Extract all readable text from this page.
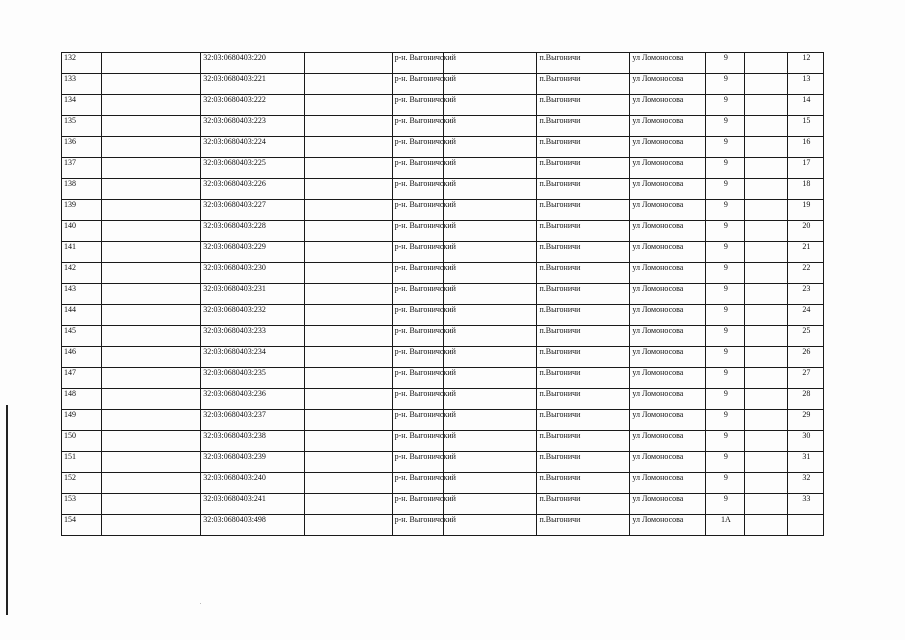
132		32:03:0680403:220		р-н. Выгоничский		п.Выгоничи	ул Ломоносова	9		12
133		32:03:0680403:221		р-н. Выгоничский		п.Выгоничи	ул Ломоносова	9		13
134		32:03:0680403:222		р-н. Выгоничский		п.Выгоничи	ул Ломоносова	9		14
135		32:03:0680403:223		р-н. Выгоничский		п.Выгоничи	ул Ломоносова	9		15
136		32:03:0680403:224		р-н. Выгоничский		п.Выгоничи	ул Ломоносова	9		16
137		32:03:0680403:225		р-н. Выгоничский		п.Выгоничи	ул Ломоносова	9		17
138		32:03:0680403:226		р-н. Выгоничский		п.Выгоничи	ул Ломоносова	9		18
139		32:03:0680403:227		р-н. Выгоничский		п.Выгоничи	ул Ломоносова	9		19
140		32:03:0680403:228		р-н. Выгоничский		п.Выгоничи	ул Ломоносова	9		20
141		32:03:0680403:229		р-н. Выгоничский		п.Выгоничи	ул Ломоносова	9		21
142		32:03:0680403:230		р-н. Выгоничский		п.Выгоничи	ул Ломоносова	9		22
143		32:03:0680403:231		р-н. Выгоничский		п.Выгоничи	ул Ломоносова	9		23
144		32:03:0680403:232		р-н. Выгоничский		п.Выгоничи	ул Ломоносова	9		24
145		32:03:0680403:233		р-н. Выгоничский		п.Выгоничи	ул Ломоносова	9		25
146		32:03:0680403:234		р-н. Выгоничский		п.Выгоничи	ул Ломоносова	9		26
147		32:03:0680403:235		р-н. Выгоничский		п.Выгоничи	ул Ломоносова	9		27
148		32:03:0680403:236		р-н. Выгоничский		п.Выгоничи	ул Ломоносова	9		28
149		32:03:0680403:237		р-н. Выгоничский		п.Выгоничи	ул Ломоносова	9		29
150		32:03:0680403:238		р-н. Выгоничский		п.Выгоничи	ул Ломоносова	9		30
151		32:03:0680403:239		р-н. Выгоничский		п.Выгоничи	ул Ломоносова	9		31
152		32:03:0680403:240		р-н. Выгоничский		п.Выгоничи	ул Ломоносова	9		32
153		32:03:0680403:241		р-н. Выгоничский		п.Выгоничи	ул Ломоносова	9		33
154		32:03:0680403:498		р-н. Выгоничский		п.Выгоничи	ул Ломоносова	1А		
